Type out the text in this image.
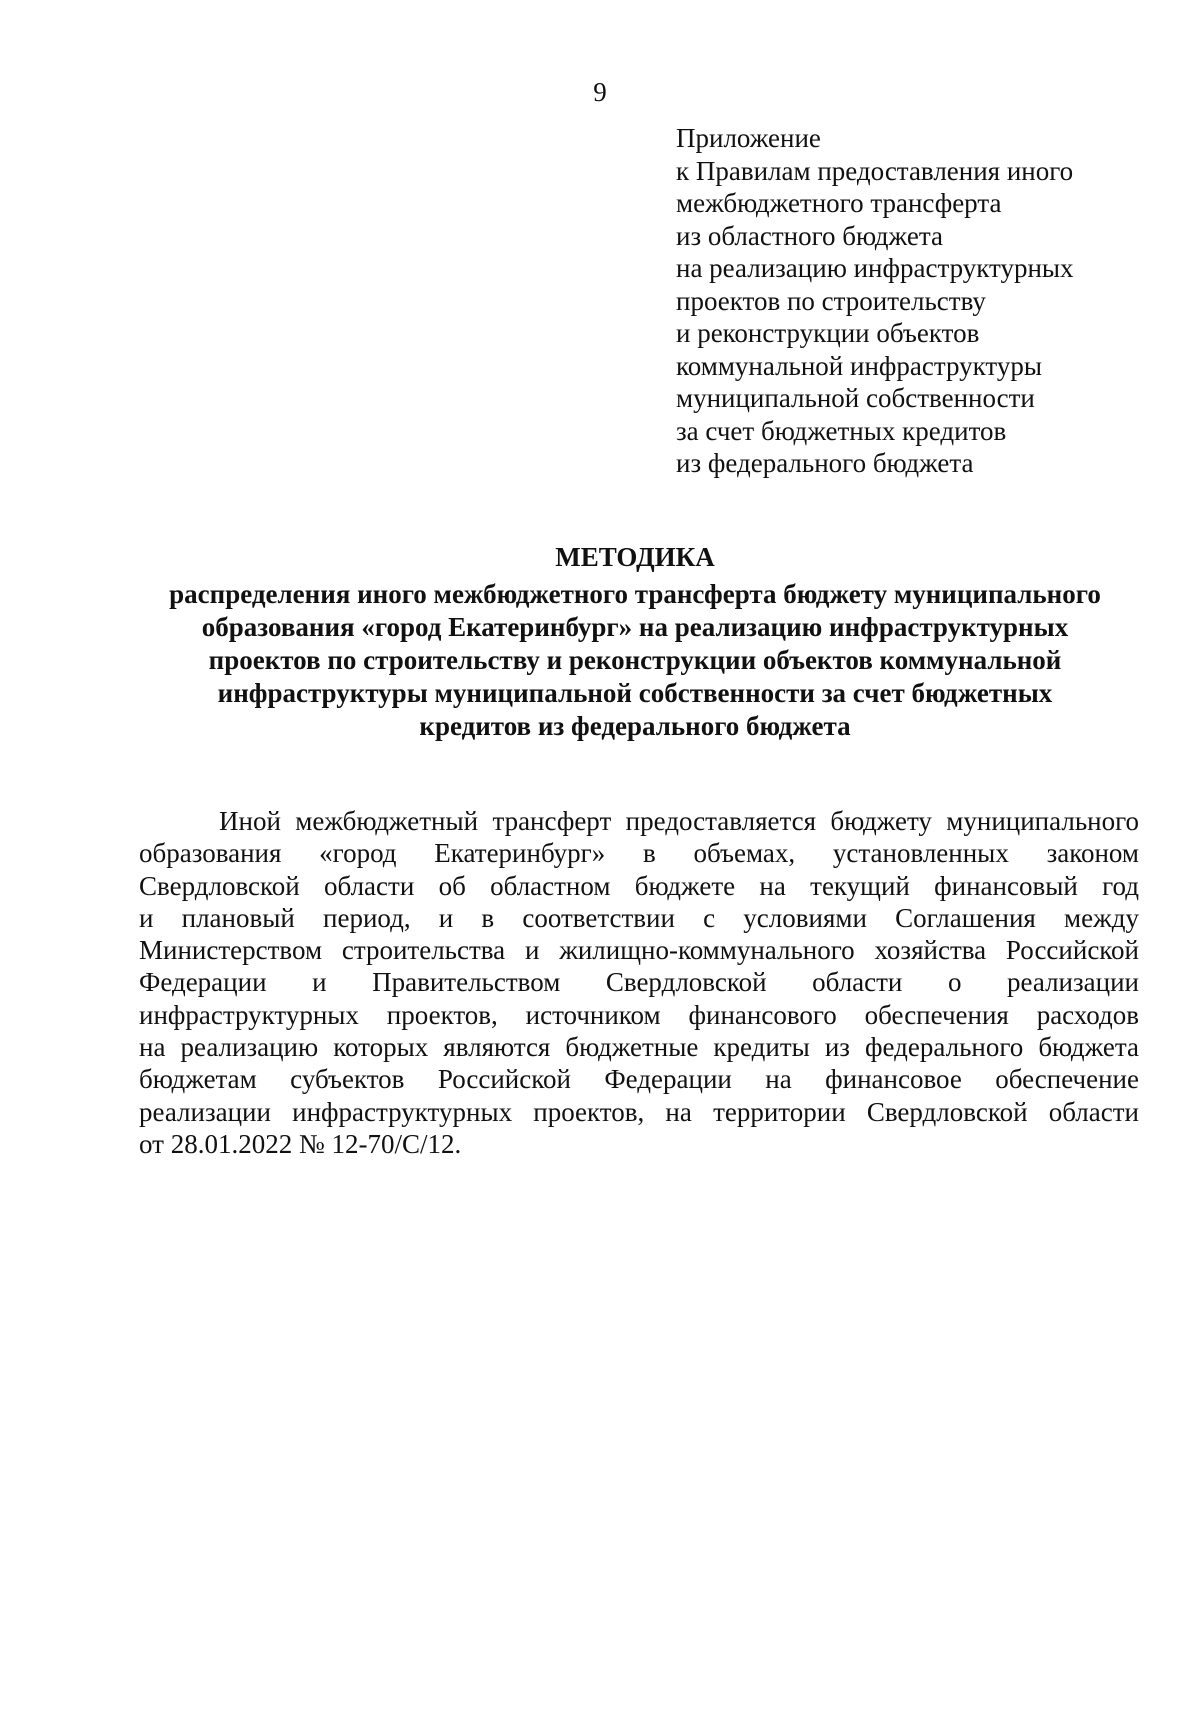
9
Приложение
к Правилам предоставления иного
межбюджетного трансферта
из областного бюджета
на реализацию инфраструктурных
проектов по строительству
и реконструкции объектов
коммунальной инфраструктуры
муниципальной собственности
за счет бюджетных кредитов
из федерального бюджета
МЕТОДИКА
распределения иного межбюджетного трансферта бюджету муниципального
образования «город Екатеринбург» на реализацию инфраструктурных
проектов по строительству и реконструкции объектов коммунальной
инфраструктуры муниципальной собственности за счет бюджетных
кредитов из федерального бюджета
Иной межбюджетный трансферт предоставляется бюджету муниципального
образования «город Екатеринбург» в объемах, установленных законом
Свердловской области об областном бюджете на текущий финансовый год
и плановый период, и в соответствии с условиями Соглашения между
Министерством строительства и жилищно-коммунального хозяйства Российской
Федерации и Правительством Свердловской области о реализации
инфраструктурных проектов, источником финансового обеспечения расходов
на реализацию которых являются бюджетные кредиты из федерального бюджета
бюджетам субъектов Российской Федерации на финансовое обеспечение
реализации инфраструктурных проектов, на территории Свердловской области
от 28.01.2022 № 12-70/С/12.
